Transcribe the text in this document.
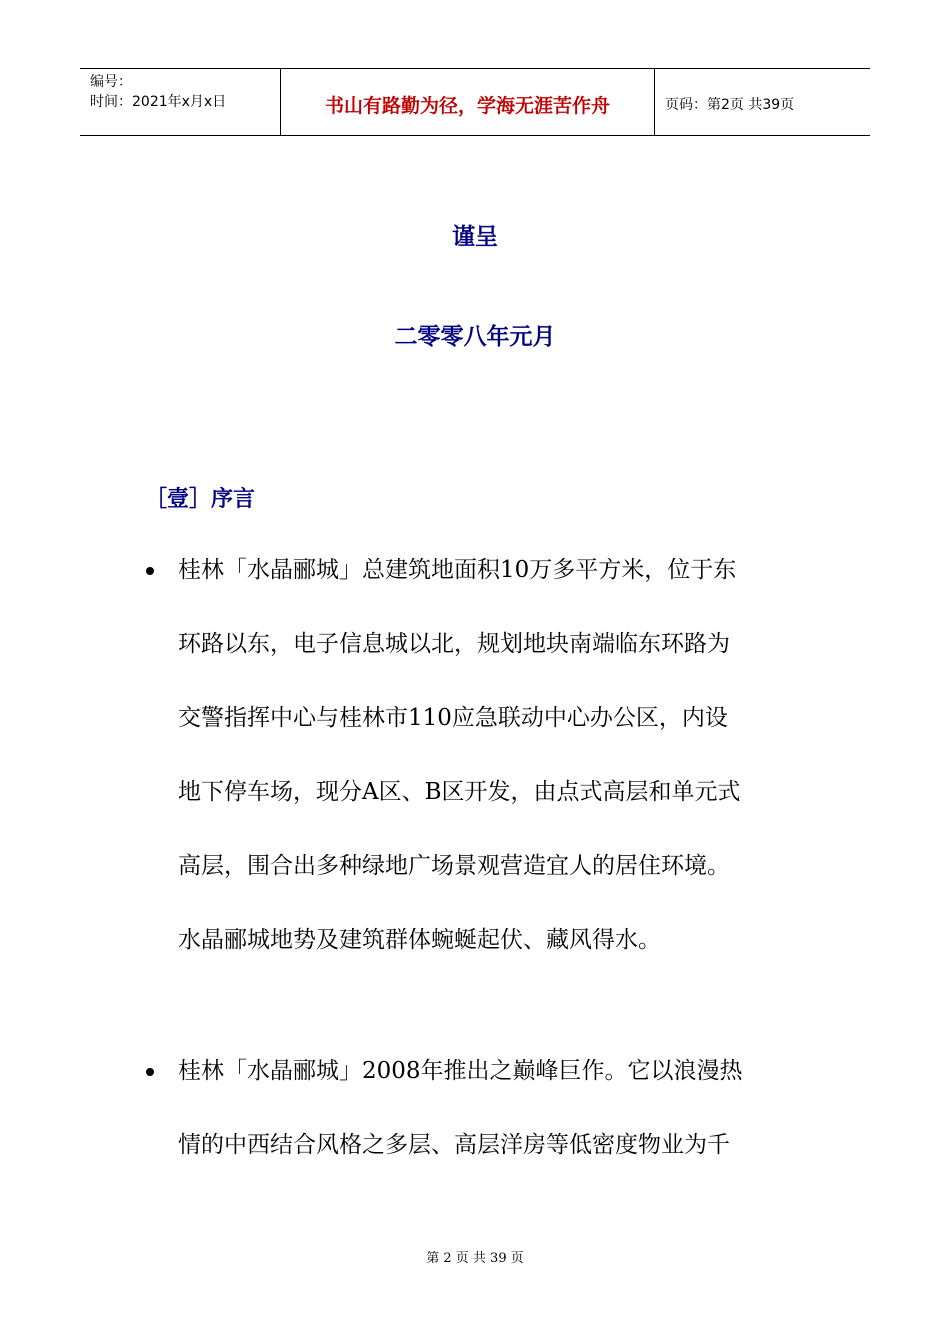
编号：
时间：2021年x月x日	书山有路勤为径，学海无涯苦作舟	页码：第2页 共39页
谨呈
二零零八年元月
［壹］序言
桂林「水晶郦城」总建筑地面积10万多平方米，位于东
环路以东，电子信息城以北，规划地块南端临东环路为
交警指挥中心与桂林市110应急联动中心办公区，内设
地下停车场，现分A区、B区开发，由点式高层和单元式
高层，围合出多种绿地广场景观营造宜人的居住环境。
水晶郦城地势及建筑群体蜿蜒起伏、藏风得水。
桂林「水晶郦城」2008年推出之巅峰巨作。它以浪漫热
情的中西结合风格之多层、高层洋房等低密度物业为千
第 2 页 共 39 页
